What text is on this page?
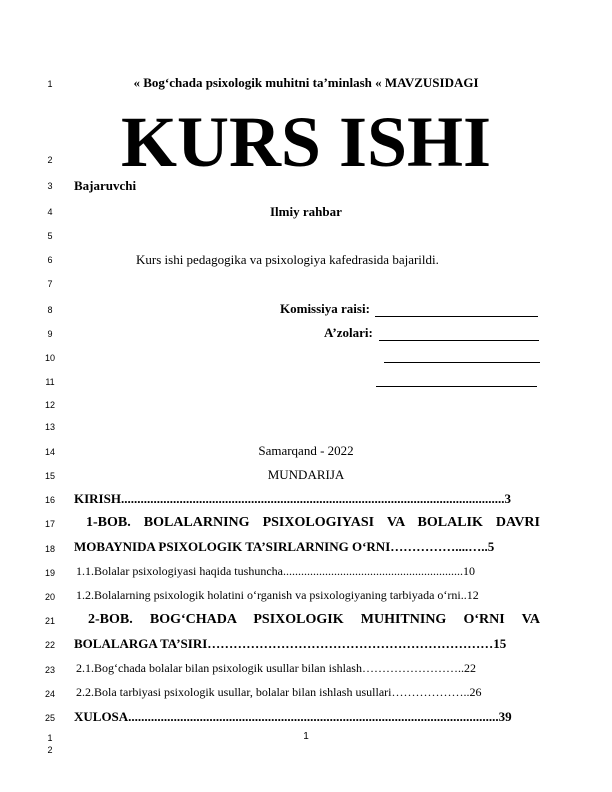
1
2
3
4
5
6
7
8
9
10
11
12
13
14
15
16
17
18
19
20
21
22
23
24
25
1
2
« Bog‘chada psixologik muhitni ta’minlash « MAVZUSIDAGI
KURS ISHI
Bajaruvchi
Ilmiy rahbar
Kurs ishi pedagogika va psixologiya kafedrasida bajarildi.
Komissiya raisi:
A’zolari:
Samarqand - 2022
MUNDARIJA
KIRISH......................................................................................................................3
1-BOB. BOLALARNING PSIXOLOGIYASI VA BOLALIK DAVRI
MOBAYNIDA PSIXOLOGIK TA’SIRLARNING O‘RNI……………....…..5
1.1.Bolalar psixologiyasi haqida tushuncha............................................................10
1.2.Bolalarning psixologik holatini o‘rganish va psixologiyaning tarbiyada o‘rni..12
2-BOB. BOG‘CHADA PSIXOLOGIK MUHITNING O‘RNI VA
BOLALARGA TA’SIRI…………………………………………………………15
2.1.Bog‘chada bolalar bilan psixologik usullar bilan ishlash……………………..22
2.2.Bola tarbiyasi psixologik usullar, bolalar bilan ishlash usullari………………..26
XULOSA..................................................................................................................39
1
